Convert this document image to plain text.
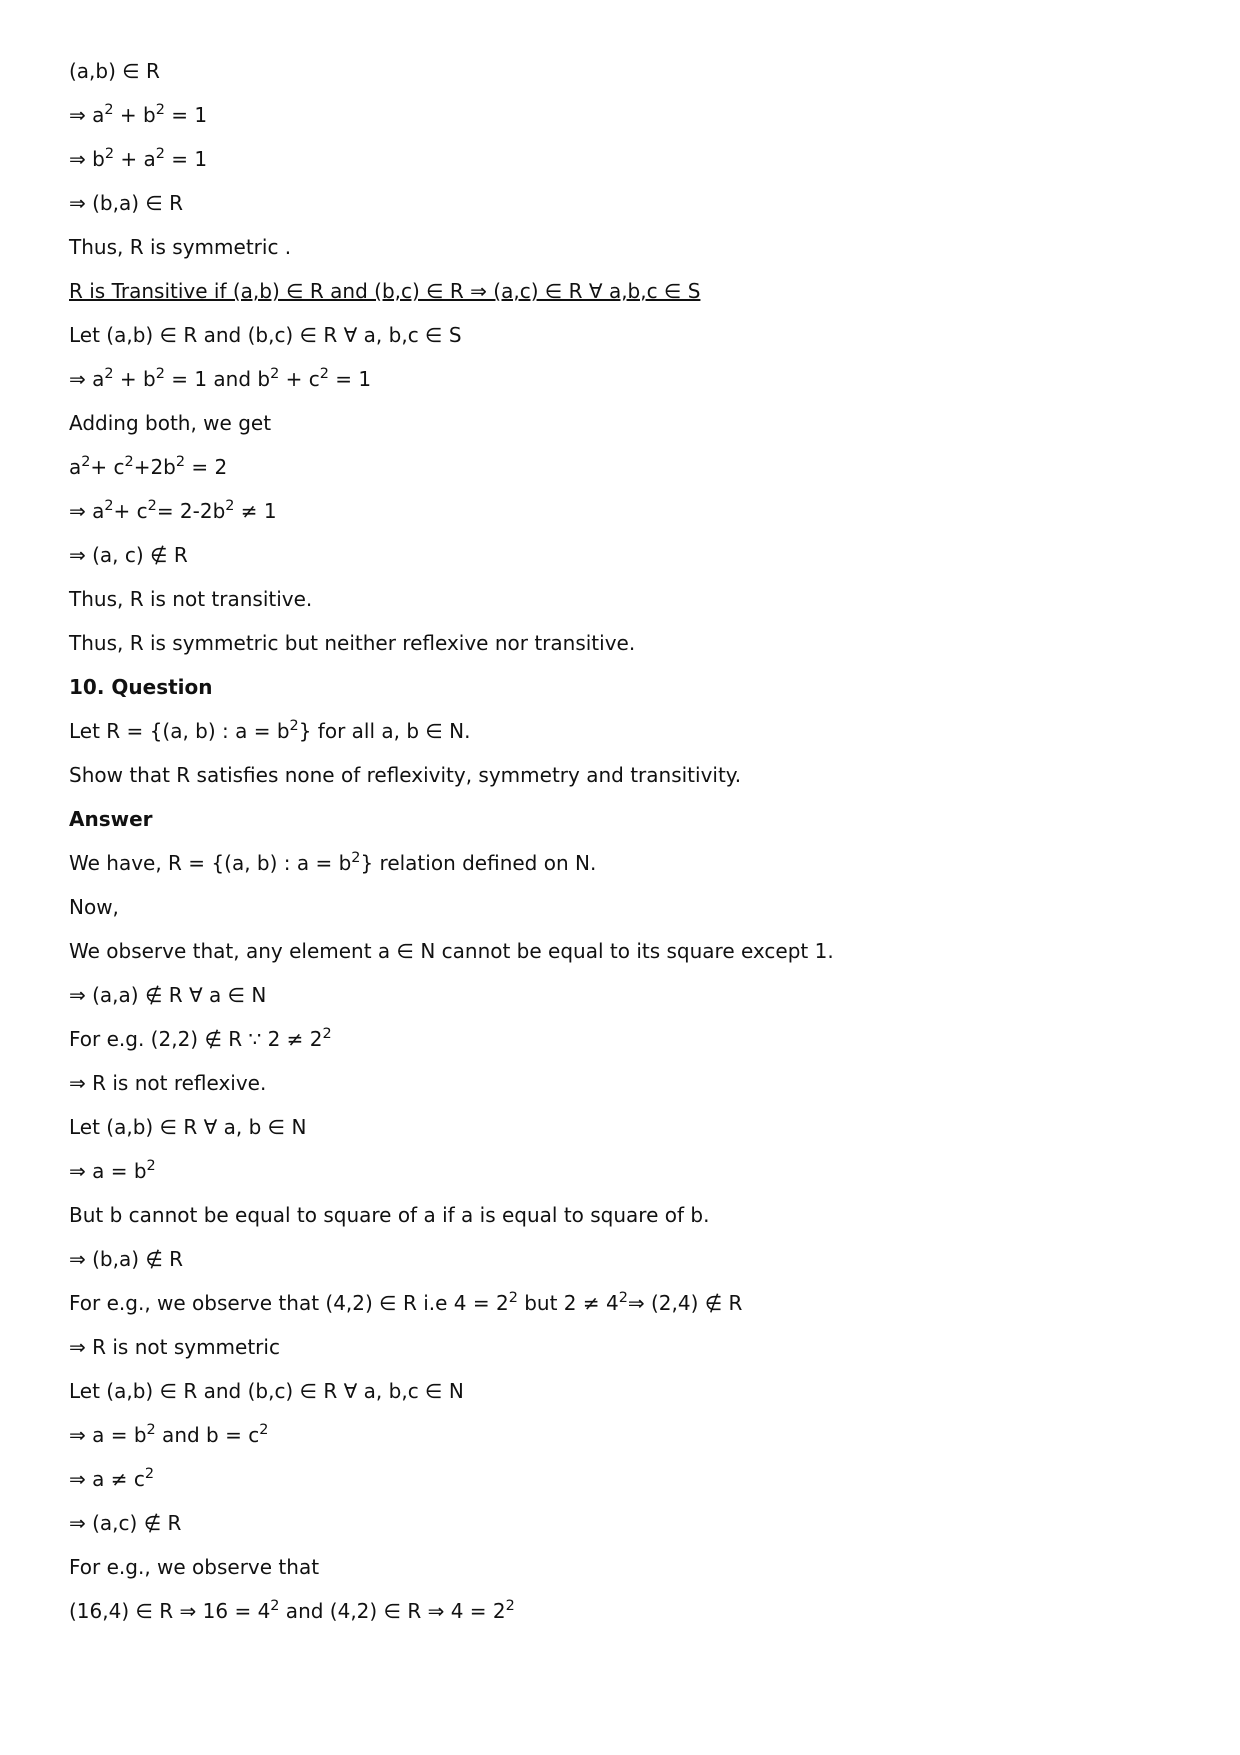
(a,b) ∈ R
⇒ $a^2 + b^2 = 1$
⇒ $b^2 + a^2 = 1$
⇒ (b,a) ∈ R
Thus, R is symmetric .
R is Transitive if (a,b) ∈ R and (b,c) ∈ R ⇒ (a,c) ∈ R ∀ a,b,c ∈ S
Let (a,b) ∈ R and (b,c) ∈ R ∀ a, b,c ∈ S
⇒ $a^2 + b^2 = 1$ and $b^2 + c^2 = 1$
Adding both, we get
$a^2+ c^2+2b^2 = 2$
⇒ $a^2+ c^2= 2-2b^2 \ne 1$
⇒ (a, c) ∉ R
Thus, R is not transitive.
Thus, R is symmetric but neither reflexive nor transitive.
10. Question
Let R = {(a, b) : $a = b^2$} for all a, b ∈ N.
Show that R satisfies none of reflexivity, symmetry and transitivity.
Answer
We have, R = {(a, b) : $a = b^2$} relation defined on N.
Now,
We observe that, any element a ∈ N cannot be equal to its square except 1.
⇒ (a,a) ∉ R ∀ a ∈ N
For e.g. (2,2) ∉ R ∵ $2 \ne 2^2$
⇒ R is not reflexive.
Let (a,b) ∈ R ∀ a, b ∈ N
⇒ $a = b^2$
But b cannot be equal to square of a if a is equal to square of b.
⇒ (b,a) ∉ R
For e.g., we observe that (4,2) ∈ R i.e $4 = 2^2$ but $2 \ne 4^2\Rightarrow$ (2,4) ∉ R
⇒ R is not symmetric
Let (a,b) ∈ R and (b,c) ∈ R ∀ a, b,c ∈ N
⇒ $a = b^2$ and $b = c^2$
⇒ $a \ne c^2$
⇒ (a,c) ∉ R
For e.g., we observe that
(16,4) ∈ R ⇒ $16 = 4^2$ and (4,2) ∈ R ⇒ $4 = 2^2$
